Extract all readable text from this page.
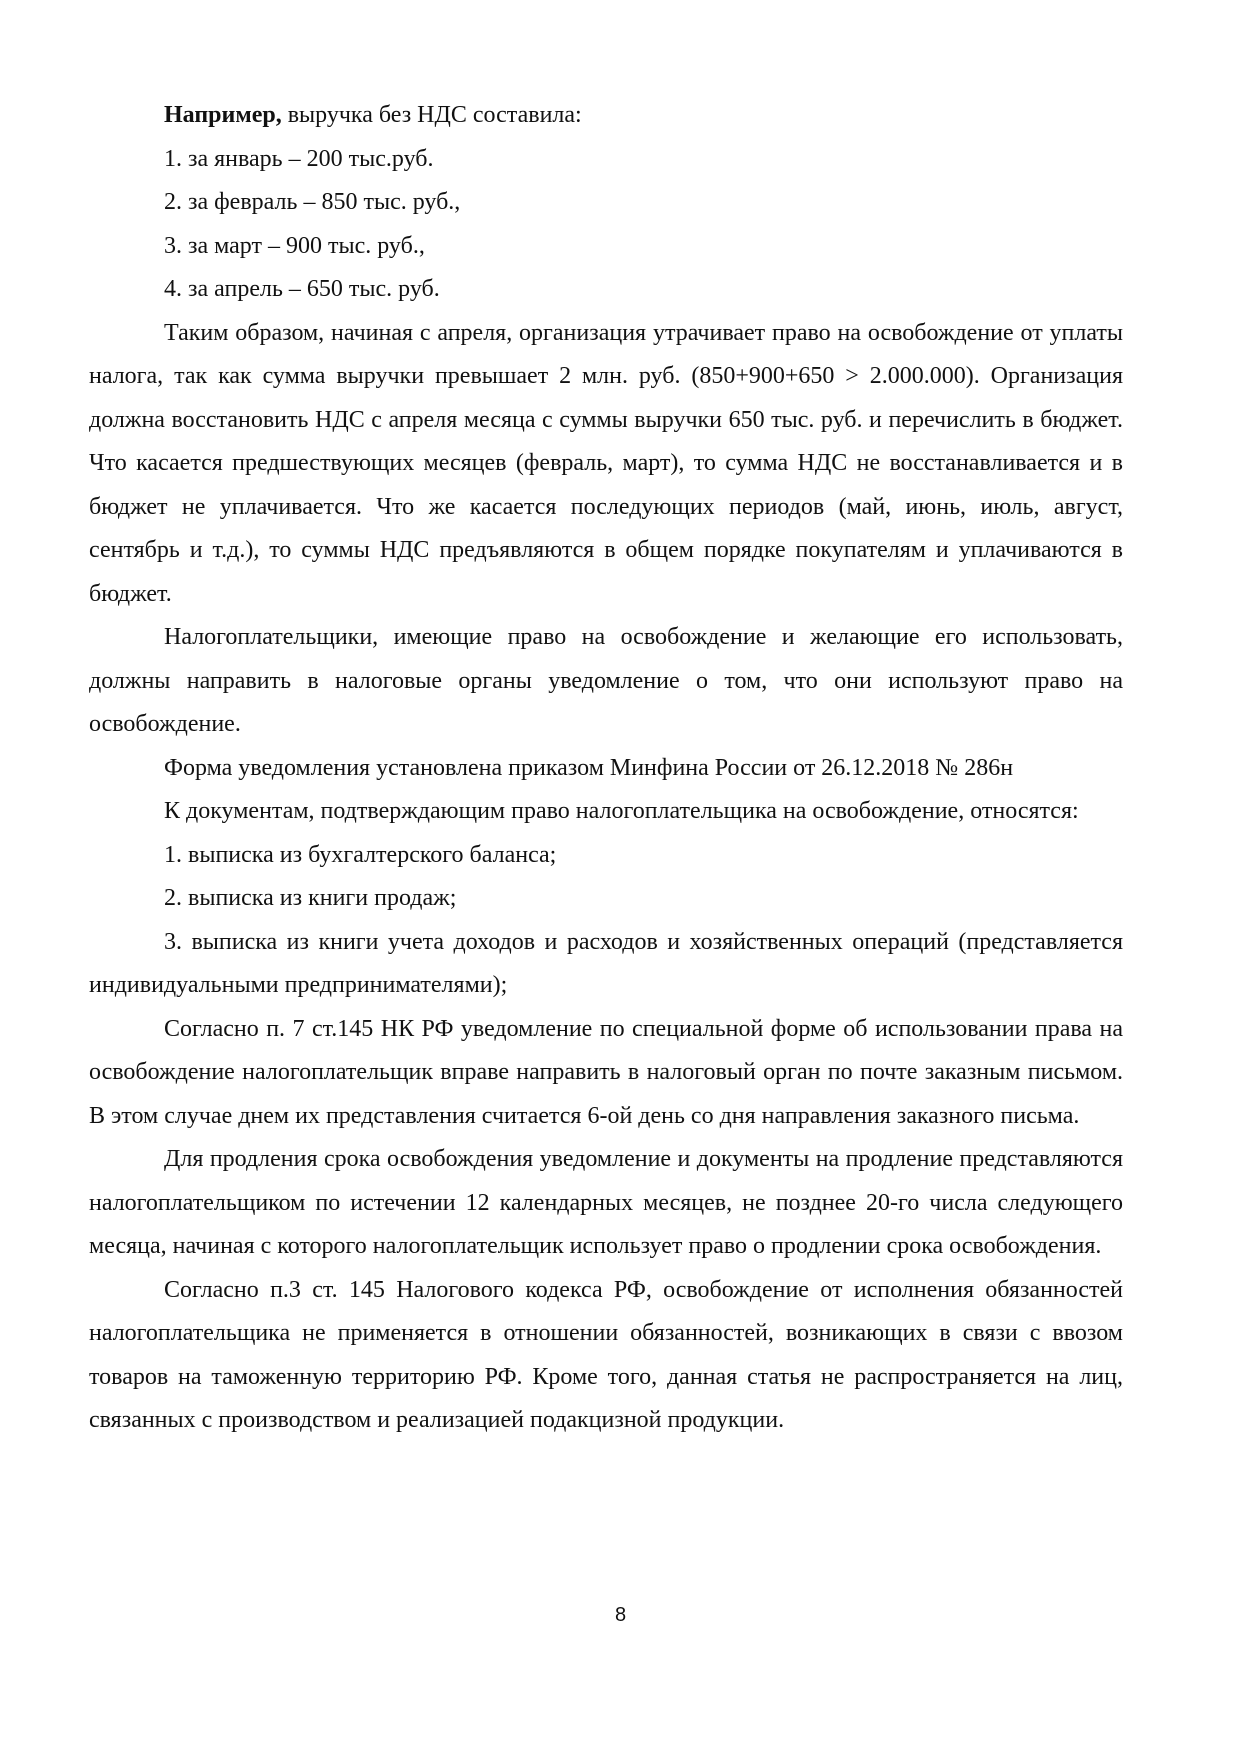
Например, выручка без НДС составила:

1. за январь – 200 тыс.руб.

2. за февраль – 850 тыс. руб.,

3. за март – 900 тыс. руб.,

4. за апрель – 650 тыс. руб.

Таким образом, начиная с апреля, организация утрачивает право на освобождение от уплаты налога, так как сумма выручки превышает 2 млн. руб. (850+900+650 > 2.000.000). Организация должна восстановить НДС с апреля месяца с суммы выручки 650 тыс. руб. и перечислить в бюджет. Что касается предшествующих месяцев (февраль, март), то сумма НДС не восстанавливается и в бюджет не уплачивается. Что же касается последующих периодов (май, июнь, июль, август, сентябрь и т.д.), то суммы НДС предъявляются в общем порядке покупателям и уплачиваются в бюджет.

Налогоплательщики, имеющие право на освобождение и желающие его использовать, должны направить в налоговые органы уведомление о том, что они используют право на освобождение.

Форма уведомления установлена приказом Минфина России от 26.12.2018 № 286н

К документам, подтверждающим право налогоплательщика на освобождение, относятся:

1. выписка из бухгалтерского баланса;

2. выписка из книги продаж;

3. выписка из книги учета доходов и расходов и хозяйственных операций (представляется индивидуальными предпринимателями);

Согласно п. 7 ст.145 НК РФ уведомление по специальной форме об использовании права на освобождение налогоплательщик вправе направить в налоговый орган по почте заказным письмом. В этом случае днем их представления считается 6-ой день со дня направления заказного письма.

Для продления срока освобождения уведомление и документы на продление представляются налогоплательщиком по истечении 12 календарных месяцев, не позднее 20-го числа следующего месяца, начиная с которого налогоплательщик использует право о продлении срока освобождения.

Согласно п.3 ст. 145 Налогового кодекса РФ, освобождение от исполнения обязанностей налогоплательщика не применяется в отношении обязанностей, возникающих в связи с ввозом товаров на таможенную территорию РФ. Кроме того, данная статья не распространяется на лиц, связанных с производством и реализацией подакцизной продукции.

8
